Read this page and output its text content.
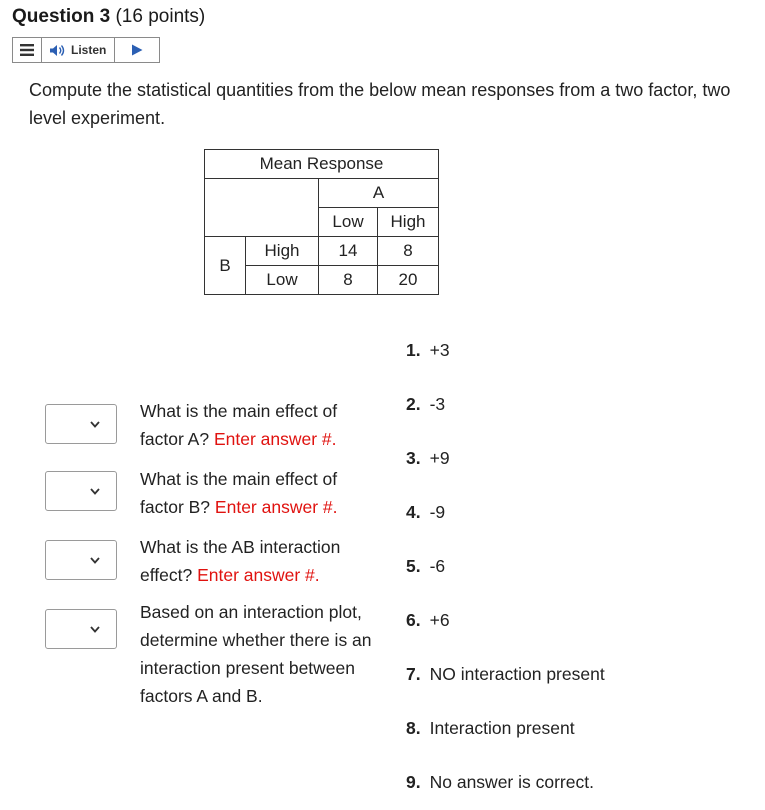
Question 3 (16 points)
Listen
Compute the statistical quantities from the below mean responses from a two factor, two level experiment.
Mean Response			
		A	
		Low	High
B	High	14	8
	Low	8	20
What is the main effect of factor A? Enter answer #.
What is the main effect of factor B? Enter answer #.
What is the AB interaction effect? Enter answer #.
Based on an interaction plot, determine whether there is an interaction present between factors A and B.
1. +3
2. -3
3. +9
4. -9
5. -6
6. +6
7. NO interaction present
8. Interaction present
9. No answer is correct.
